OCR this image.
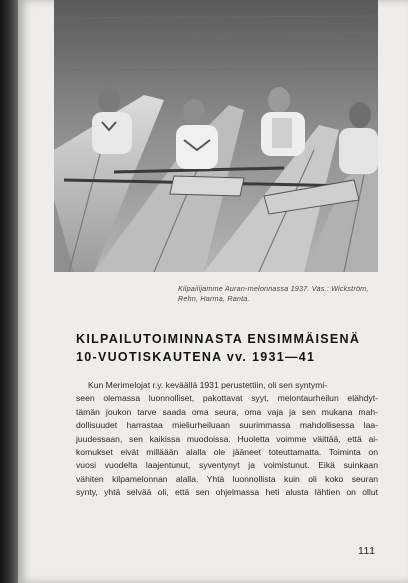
Kilpailijamme Auran-melonnassa 1937. Vas.: Wickström,
Rehn, Harma, Ranta.
KILPAILUTOIMINNASTA ENSIMMÄISENÄ
10-VUOTISKAUTENA vv. 1931—41
Kun Merimelojat r.y. keväällä 1931 perustettiin, oli sen syntymi-
seen olemassa luonnolliset, pakottavat syyt, melontaurheilun elähdyt-
tämän joukon tarve saada oma seura, oma vaja ja sen mukana mah-
dollisuudet harrastaa mieliurheiluaan suurimmassa mahdollisessa laa-
juudessaan, sen kaikissa muodoissa. Huoletta voimme väittää, että ai-
komukset eivät milläään alalla ole jääneet toteuttamatta. Toiminta on
vuosi vuodelta laajentunut, syventynyt ja voimistunut. Eikä suinkaan
vähiten kilpamelonnan alalla. Yhtä luonnollista kuin oli koko seuran
synty, yhtä selvää oli, että sen ohjelmassa heti alusta lähtien on ollut
111
